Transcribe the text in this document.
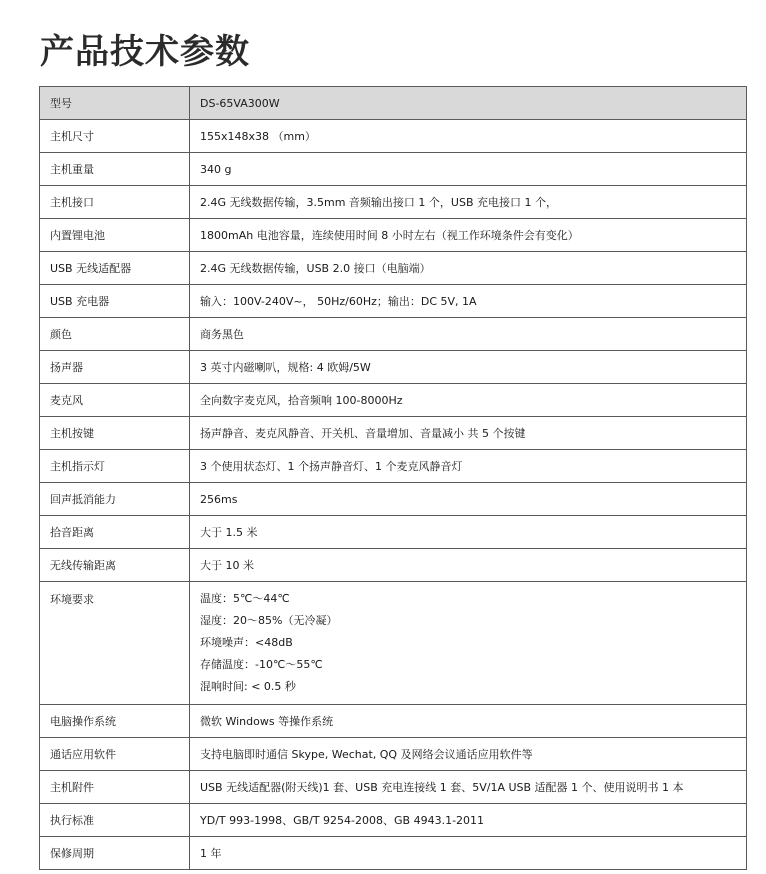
产品技术参数
型号	DS-65VA300W
主机尺寸	155x148x38 （mm）
主机重量	340 g
主机接口	2.4G 无线数据传输，3.5mm 音频输出接口 1 个，USB 充电接口 1 个，
内置锂电池	1800mAh 电池容量，连续使用时间 8 小时左右（视工作环境条件会有变化）
USB 无线适配器	2.4G 无线数据传输，USB 2.0 接口（电脑端）
USB 充电器	输入：100V-240V~， 50Hz/60Hz；输出：DC 5V, 1A
颜色	商务黑色
扬声器	3 英寸内磁喇叭，规格: 4 欧姆/5W
麦克风	全向数字麦克风，拾音频响 100-8000Hz
主机按键	扬声静音、麦克风静音、开关机、音量增加、音量减小 共 5 个按键
主机指示灯	3 个使用状态灯、1 个扬声静音灯、1 个麦克风静音灯
回声抵消能力	256ms
拾音距离	大于 1.5 米
无线传输距离	大于 10 米
环境要求	温度：5℃～44℃
湿度：20～85%（无冷凝）
环境噪声：<48dB
存储温度：-10℃～55℃
混响时间: < 0.5 秒

电脑操作系统	微软 Windows 等操作系统
通话应用软件	支持电脑即时通信 Skype, Wechat, QQ 及网络会议通话应用软件等
主机附件	USB 无线适配器(附天线)1 套、USB 充电连接线 1 套、5V/1A USB 适配器 1 个、使用说明书 1 本
执行标准	YD/T 993-1998、GB/T 9254-2008、GB 4943.1-2011
保修周期	1 年
